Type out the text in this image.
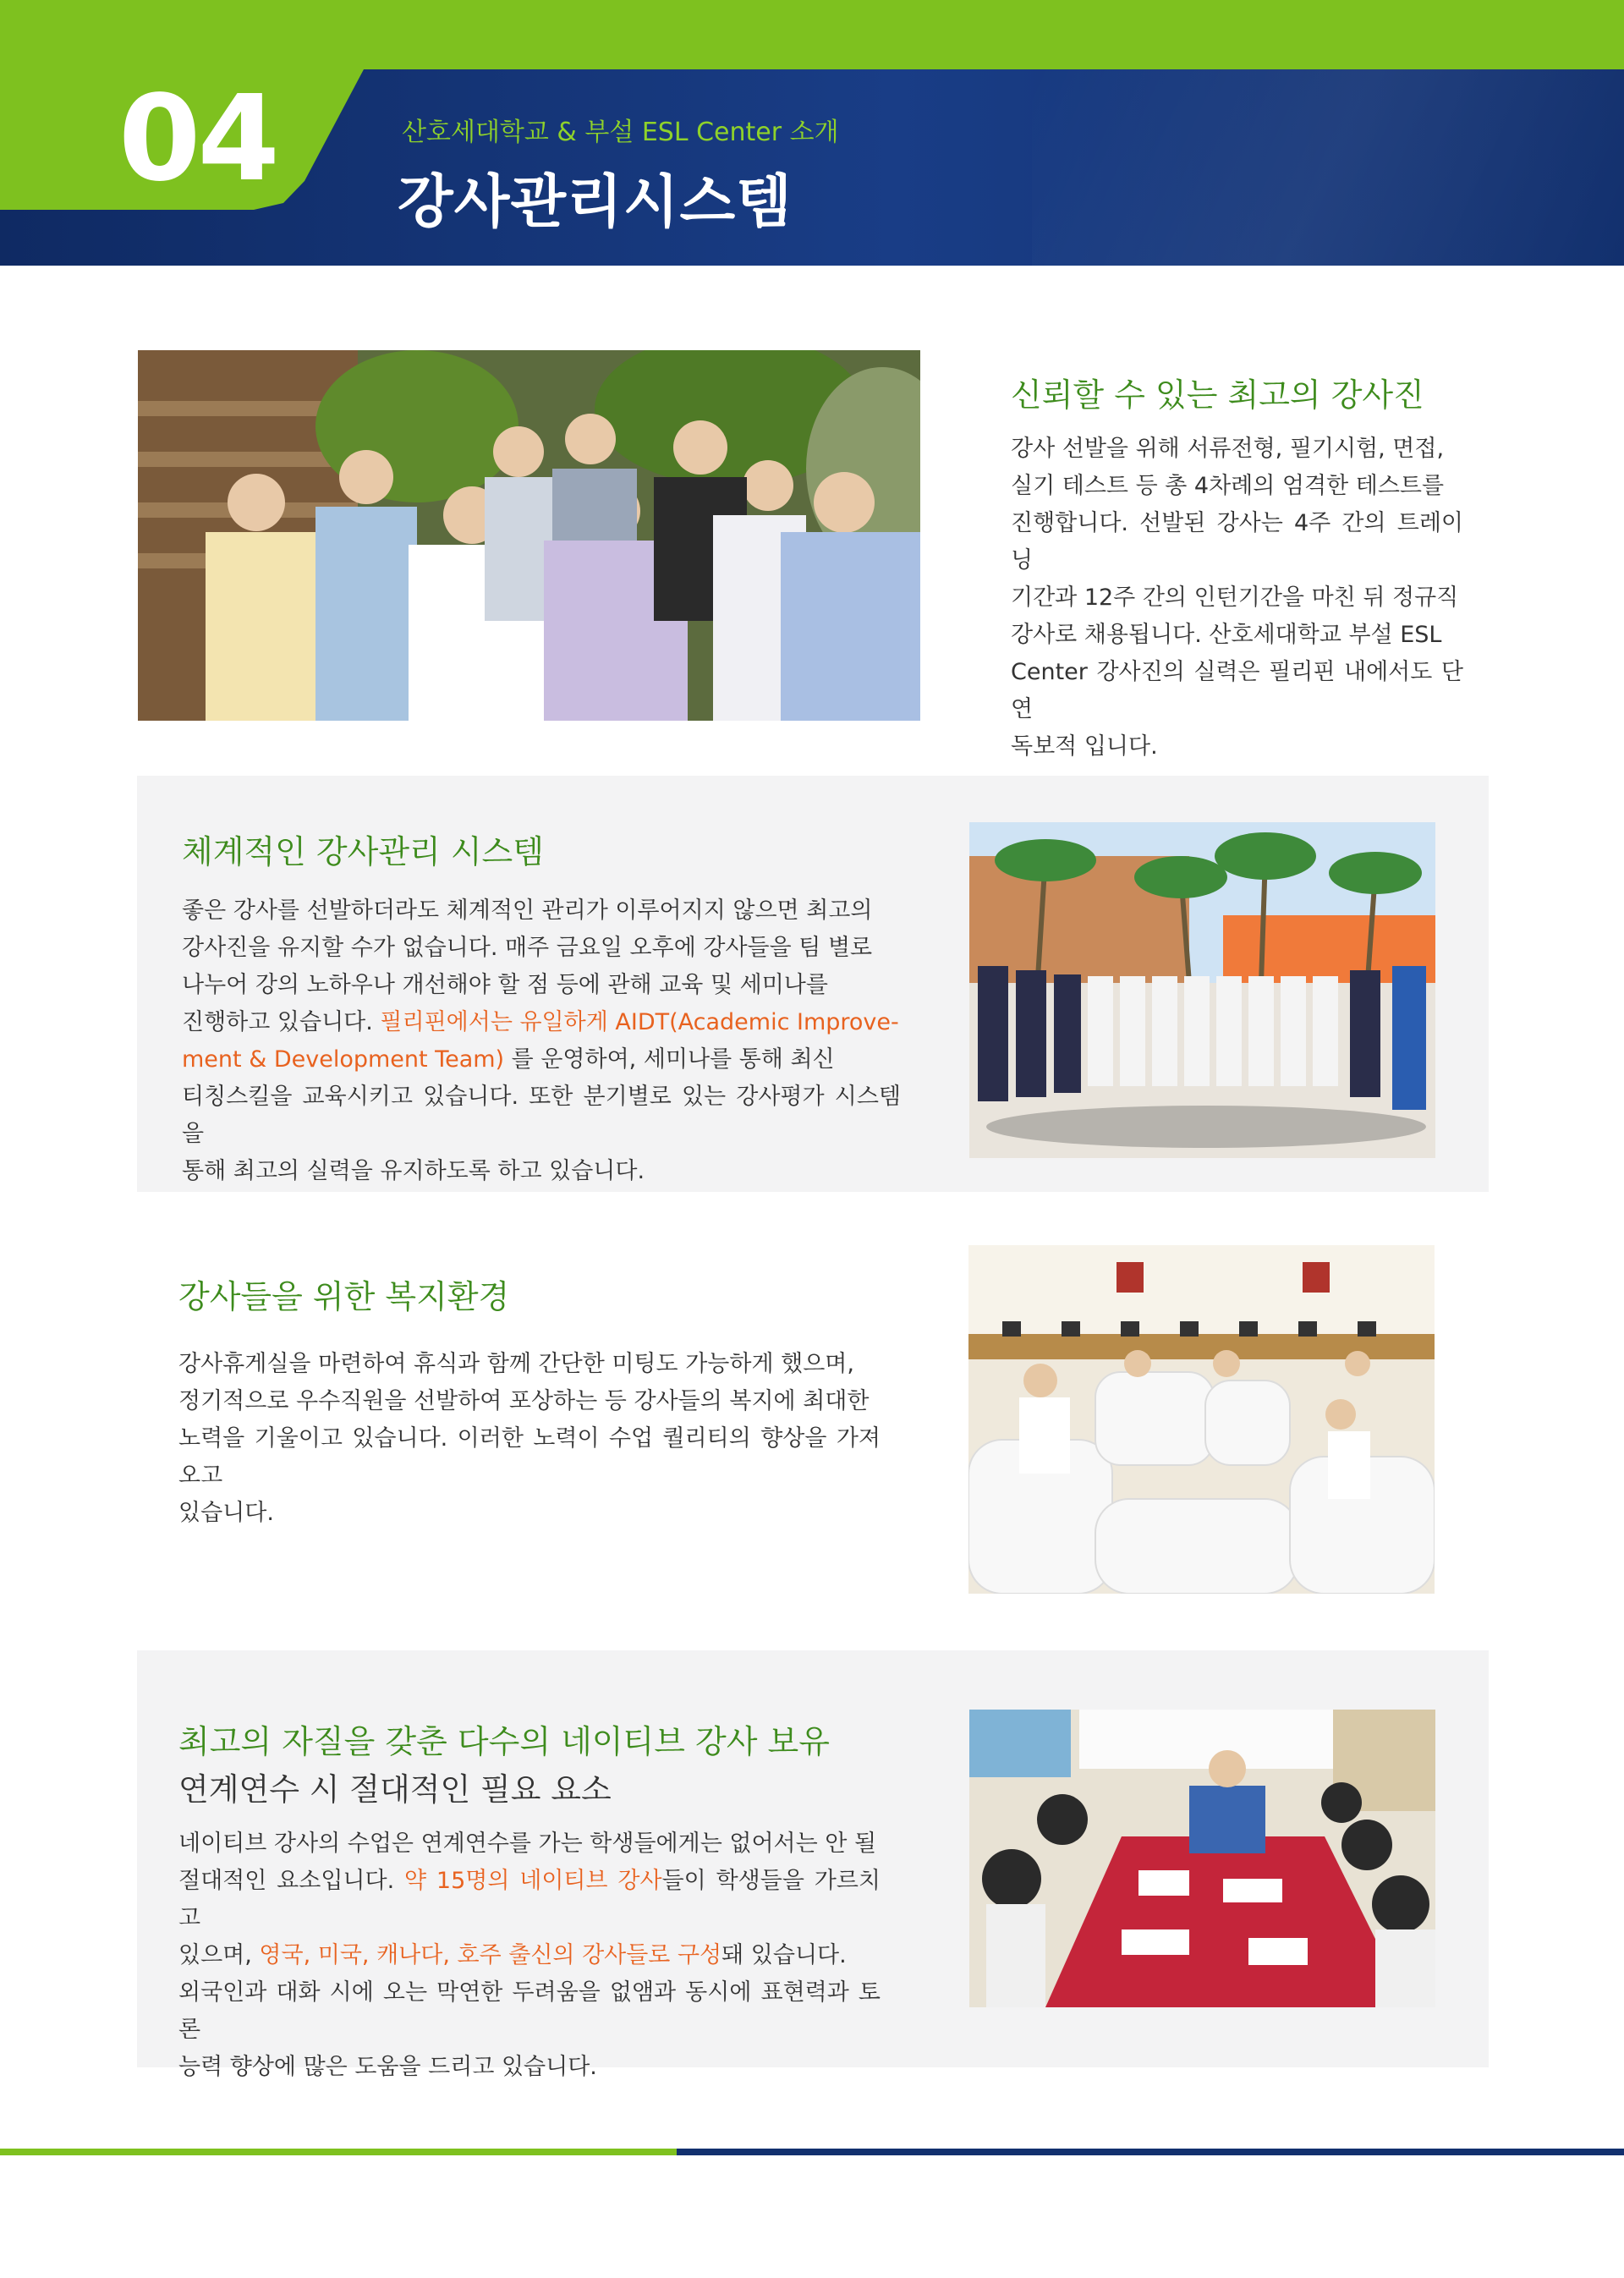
04	산호세대학교 & 부설 ESL Center 소개
강사관리시스템
신뢰할 수 있는 최고의 강사진
강사 선발을 위해 서류전형, 필기시험, 면접,
실기 테스트 등 총 4차례의 엄격한 테스트를
진행합니다. 선발된 강사는 4주 간의 트레이닝
기간과 12주 간의 인턴기간을 마친 뒤 정규직
강사로 채용됩니다. 산호세대학교 부설 ESL
Center 강사진의 실력은 필리핀 내에서도 단연
독보적 입니다.
체계적인 강사관리 시스템
좋은 강사를 선발하더라도 체계적인 관리가 이루어지지 않으면 최고의
강사진을 유지할 수가 없습니다. 매주 금요일 오후에 강사들을 팀 별로
나누어 강의 노하우나 개선해야 할 점 등에 관해 교육 및 세미나를
진행하고 있습니다. 필리핀에서는 유일하게 AIDT(Academic Improve-
ment & Development Team) 를 운영하여, 세미나를 통해 최신
티칭스킬을 교육시키고 있습니다. 또한 분기별로 있는 강사평가 시스템을
통해 최고의 실력을 유지하도록 하고 있습니다.
강사들을 위한 복지환경
강사휴게실을 마련하여 휴식과 함께 간단한 미팅도 가능하게 했으며,
정기적으로 우수직원을 선발하여 포상하는 등 강사들의 복지에 최대한
노력을 기울이고 있습니다. 이러한 노력이 수업 퀄리티의 향상을 가져오고
있습니다.
최고의 자질을 갖춘 다수의 네이티브 강사 보유
연계연수 시 절대적인 필요 요소
네이티브 강사의 수업은 연계연수를 가는 학생들에게는 없어서는 안 될
절대적인 요소입니다. 약 15명의 네이티브 강사들이 학생들을 가르치고
있으며, 영국, 미국, 캐나다, 호주 출신의 강사들로 구성돼 있습니다.
외국인과 대화 시에 오는 막연한 두려움을 없앰과 동시에 표현력과 토론
능력 향상에 많은 도움을 드리고 있습니다.
